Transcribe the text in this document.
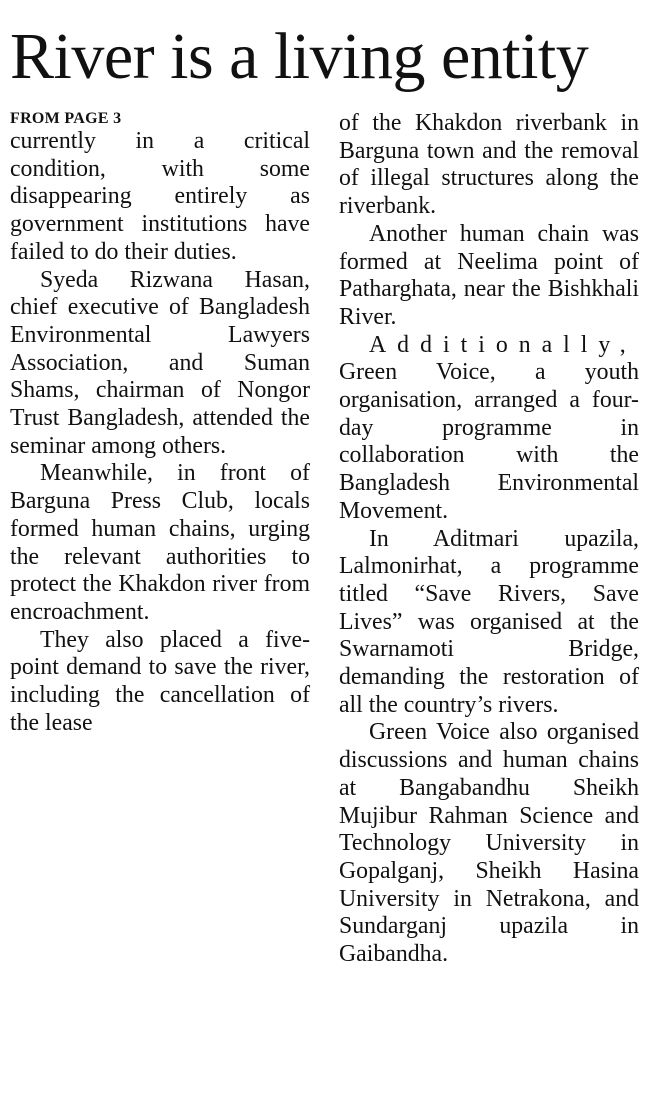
River is a living entity
FROM PAGE 3

currently in a critical condition, with some disappearing entirely as government institutions have failed to do their duties.

Syeda Rizwana Hasan, chief executive of Bangladesh Environmental Lawyers Association, and Suman Shams, chairman of Nongor Trust Bangladesh, attended the seminar among others.

Meanwhile, in front of Barguna Press Club, locals formed human chains, urging the relevant authorities to protect the Khakdon river from encroachment.

They also placed a five-point demand to save the river, including the cancellation of the lease

of the Khakdon riverbank in Barguna town and the removal of illegal structures along the riverbank.

Another human chain was formed at Neelima point of Patharghata, near the Bishkhali River.

Additionally,

Green Voice, a youth organisation, arranged a four-day programme in collaboration with the Bangladesh Environmental Movement.

In Aditmari upazila, Lalmonirhat, a programme titled “Save Rivers, Save Lives” was organised at the Swarnamoti Bridge, demanding the restoration of all the country’s rivers.

Green Voice also organised discussions and human chains at Bangabandhu Sheikh Mujibur Rahman Science and Technology University in Gopalganj, Sheikh Hasina University in Netrakona, and Sundarganj upazila in Gaibandha.
